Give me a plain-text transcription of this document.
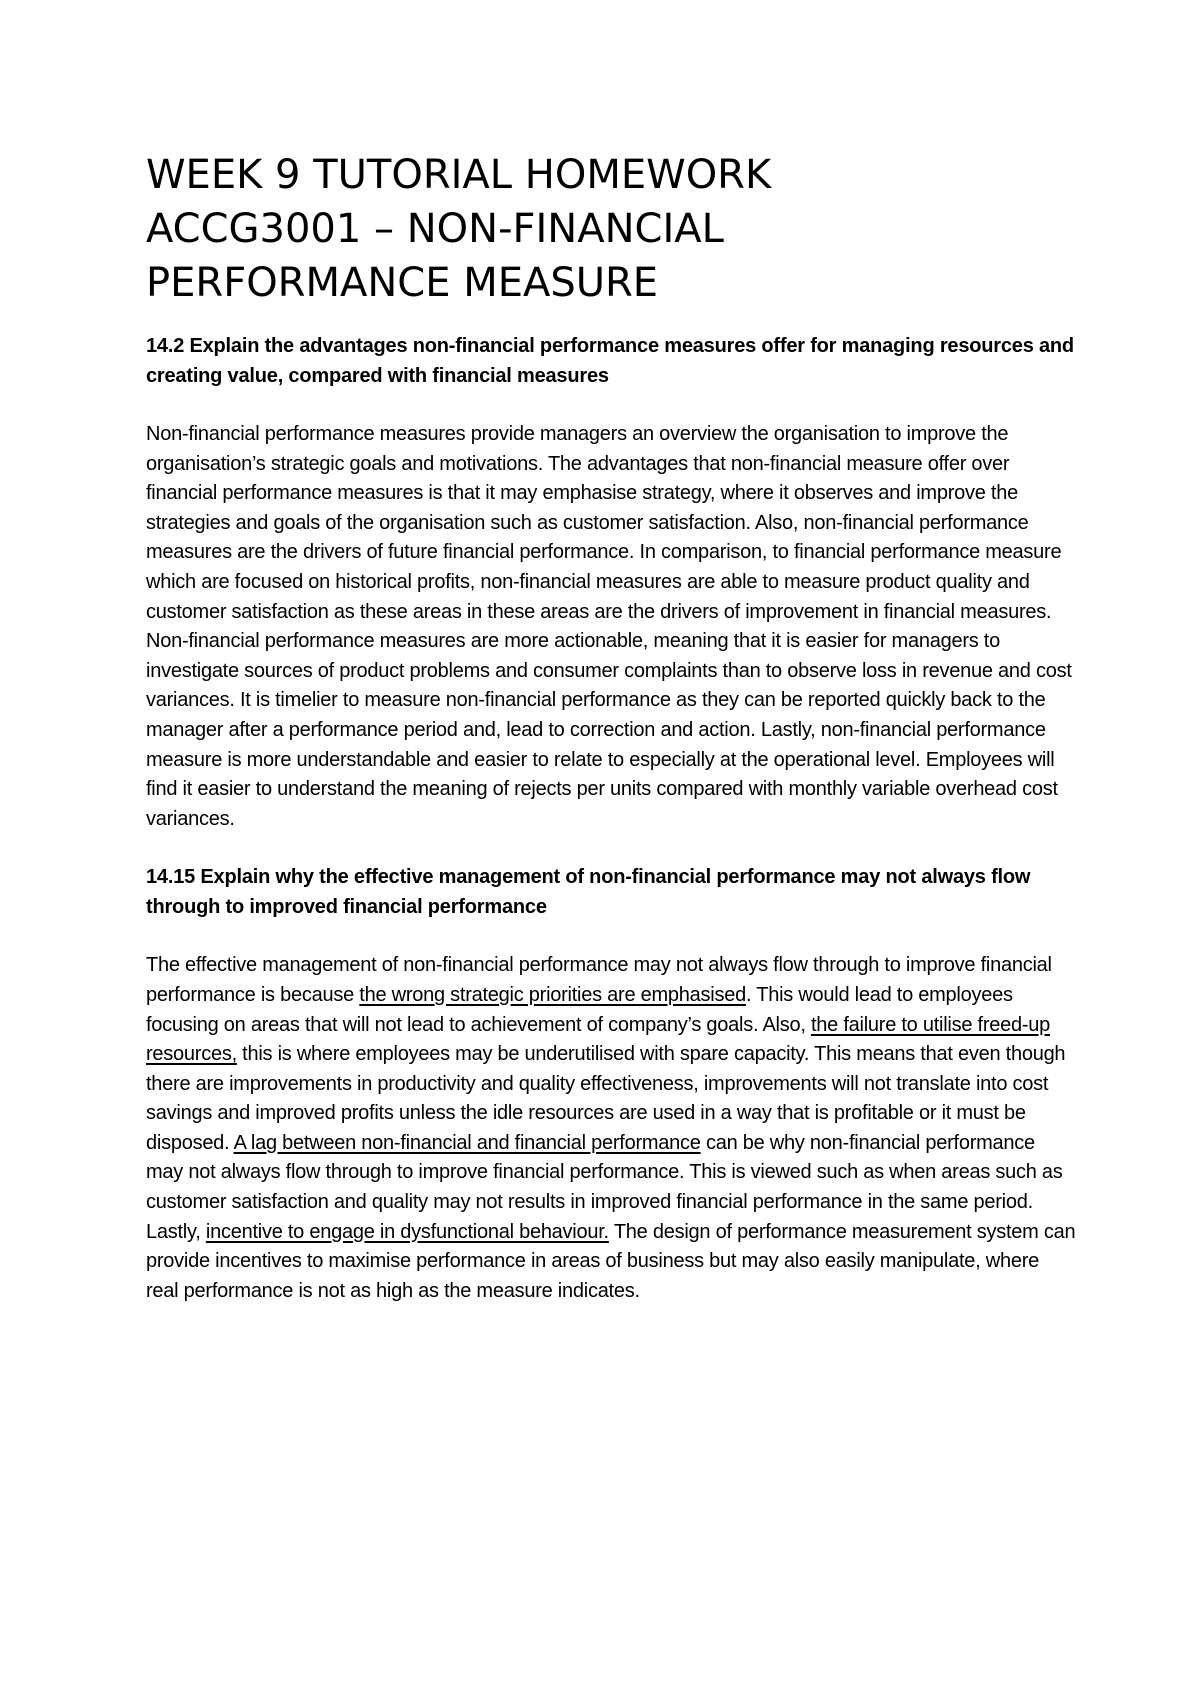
WEEK 9 TUTORIAL HOMEWORK
ACCG3001 – NON-FINANCIAL
PERFORMANCE MEASURE

14.2 Explain the advantages non-financial performance measures offer for managing resources and creating value, compared with financial measures

Non-financial performance measures provide managers an overview the organisation to improve the organisation’s strategic goals and motivations. The advantages that non-financial measure offer over financial performance measures is that it may emphasise strategy, where it observes and improve the strategies and goals of the organisation such as customer satisfaction. Also, non-financial performance measures are the drivers of future financial performance. In comparison, to financial performance measure which are focused on historical profits, non-financial measures are able to measure product quality and customer satisfaction as these areas in these areas are the drivers of improvement in financial measures. Non-financial performance measures are more actionable, meaning that it is easier for managers to investigate sources of product problems and consumer complaints than to observe loss in revenue and cost variances. It is timelier to measure non-financial performance as they can be reported quickly back to the manager after a performance period and, lead to correction and action. Lastly, non-financial performance measure is more understandable and easier to relate to especially at the operational level. Employees will find it easier to understand the meaning of rejects per units compared with monthly variable overhead cost variances.

14.15 Explain why the effective management of non-financial performance may not always flow through to improved financial performance

The effective management of non-financial performance may not always flow through to improve financial performance is because the wrong strategic priorities are emphasised. This would lead to employees focusing on areas that will not lead to achievement of company’s goals. Also, the failure to utilise freed-up resources, this is where employees may be underutilised with spare capacity. This means that even though there are improvements in productivity and quality effectiveness, improvements will not translate into cost savings and improved profits unless the idle resources are used in a way that is profitable or it must be disposed. A lag between non-financial and financial performance can be why non-financial performance may not always flow through to improve financial performance. This is viewed such as when areas such as customer satisfaction and quality may not results in improved financial performance in the same period. Lastly, incentive to engage in dysfunctional behaviour. The design of performance measurement system can provide incentives to maximise performance in areas of business but may also easily manipulate, where real performance is not as high as the measure indicates.
